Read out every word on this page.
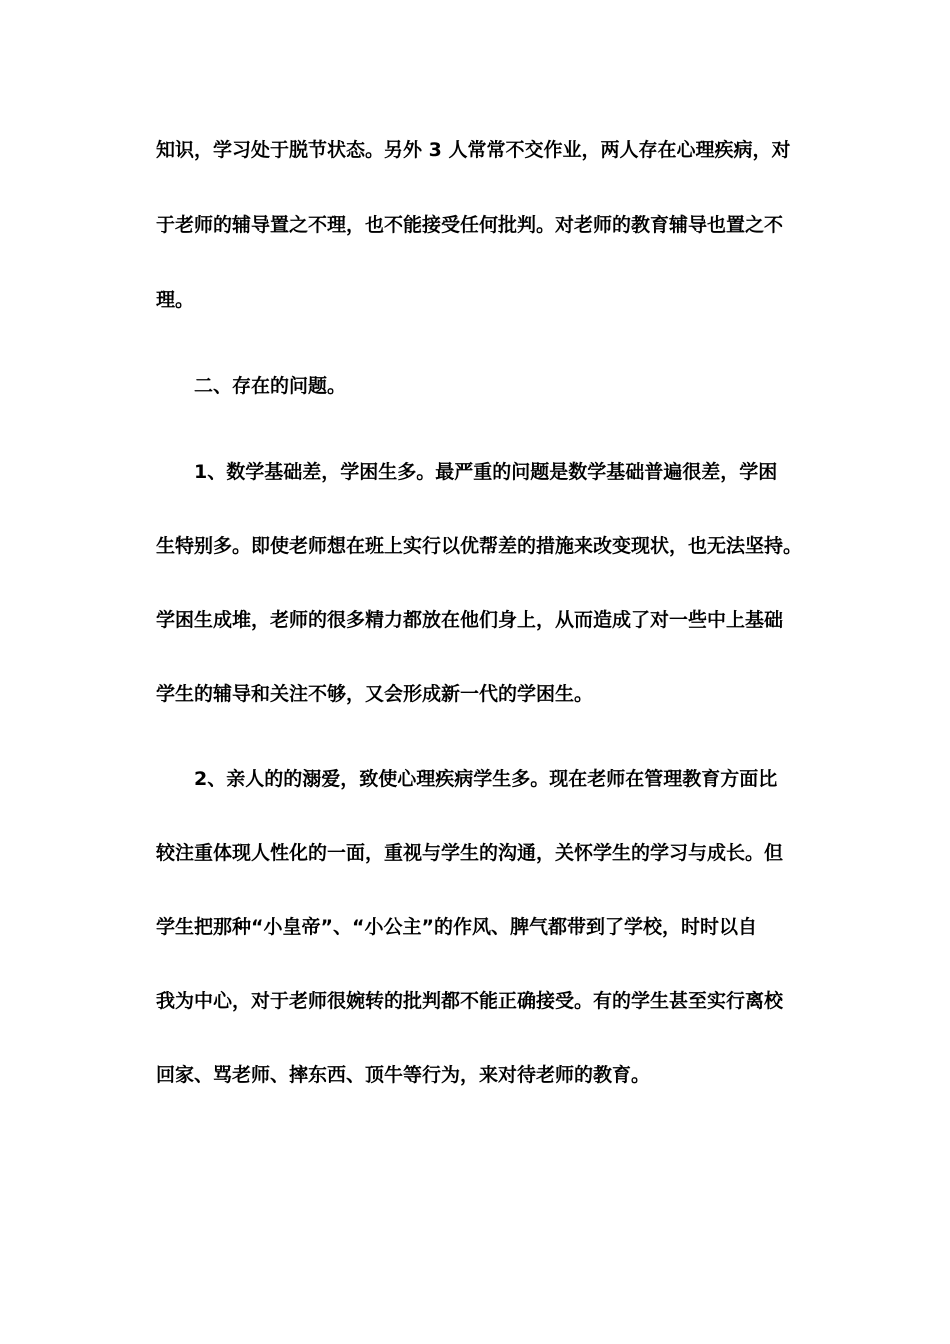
知识，学习处于脱节状态。另外 3 人常常不交作业，两人存在心理疾病，对

于老师的辅导置之不理，也不能接受任何批判。对老师的教育辅导也置之不

理。

二、存在的问题。

1、数学基础差，学困生多。最严重的问题是数学基础普遍很差，学困

生特别多。即使老师想在班上实行以优帮差的措施来改变现状，也无法坚持。

学困生成堆，老师的很多精力都放在他们身上，从而造成了对一些中上基础

学生的辅导和关注不够，又会形成新一代的学困生。

2、亲人的的溺爱，致使心理疾病学生多。现在老师在管理教育方面比

较注重体现人性化的一面，重视与学生的沟通，关怀学生的学习与成长。但

学生把那种“小皇帝”、“小公主”的作风、脾气都带到了学校，时时以自

我为中心，对于老师很婉转的批判都不能正确接受。有的学生甚至实行离校

回家、骂老师、摔东西、顶牛等行为，来对待老师的教育。
